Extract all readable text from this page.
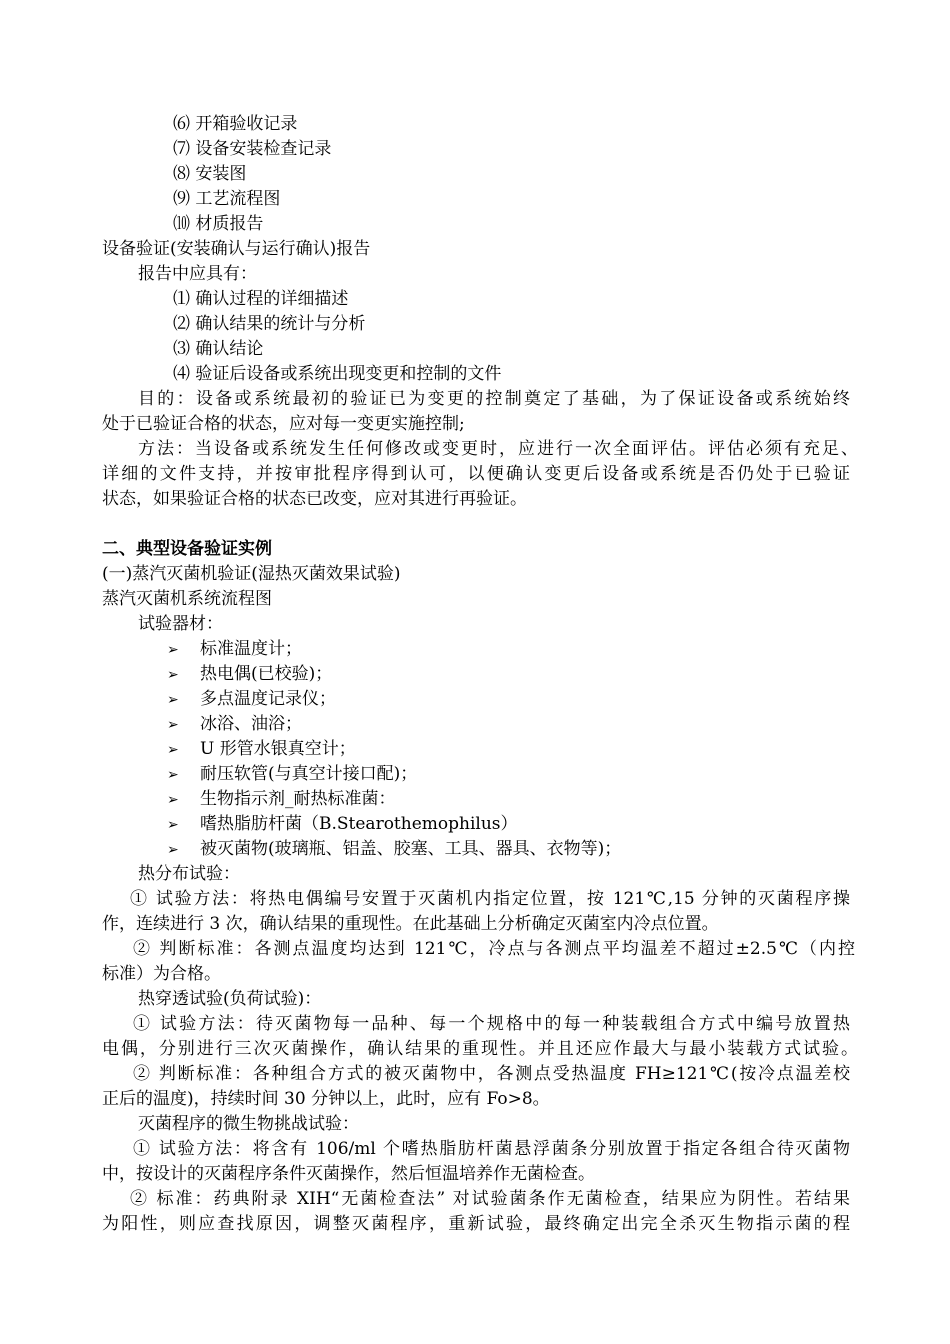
⑹ 开箱验收记录
⑺ 设备安装检查记录
⑻ 安装图
⑼ 工艺流程图
⑽ 材质报告
设备验证(安装确认与运行确认)报告
报告中应具有：
⑴ 确认过程的详细描述
⑵ 确认结果的统计与分析
⑶ 确认结论
⑷ 验证后设备或系统出现变更和控制的文件
目的：设备或系统最初的验证已为变更的控制奠定了基础，为了保证设备或系统始终
处于已验证合格的状态，应对每一变更实施控制;
方法：当设备或系统发生任何修改或变更时，应进行一次全面评估。评估必须有充足、
详细的文件支持，并按审批程序得到认可，以便确认变更后设备或系统是否仍处于已验证
状态，如果验证合格的状态已改变，应对其进行再验证。
二、典型设备验证实例
(一)蒸汽灭菌机验证(湿热灭菌效果试验)
蒸汽灭菌机系统流程图
试验器材：
➢ 标准温度计；
➢ 热电偶(已校验)；
➢ 多点温度记录仪；
➢ 冰浴、油浴；
➢ U 形管水银真空计；
➢ 耐压软管(与真空计接口配)；
➢ 生物指示剂_耐热标准菌：
➢ 嗜热脂肪杆菌（B.Stearothemophilus）
➢ 被灭菌物(玻璃瓶、铝盖、胶塞、工具、器具、衣物等)；
热分布试验：
① 试验方法：将热电偶编号安置于灭菌机内指定位置，按 121℃,15 分钟的灭菌程序操
作，连续进行 3 次，确认结果的重现性。在此基础上分析确定灭菌室内冷点位置。
② 判断标准：各测点温度均达到 121℃，冷点与各测点平均温差不超过±2.5℃（内控
标准）为合格。
热穿透试验(负荷试验)：
① 试验方法：待灭菌物每一品种、每一个规格中的每一种装载组合方式中编号放置热
电偶，分别进行三次灭菌操作，确认结果的重现性。并且还应作最大与最小装载方式试验。
② 判断标准：各种组合方式的被灭菌物中，各测点受热温度 FH≥121℃(按冷点温差校
正后的温度)，持续时间 30 分钟以上，此时，应有 Fo>8。
灭菌程序的微生物挑战试验：
① 试验方法：将含有 106/ml 个嗜热脂肪杆菌悬浮菌条分别放置于指定各组合待灭菌物
中，按设计的灭菌程序条件灭菌操作，然后恒温培养作无菌检查。
② 标准：药典附录 XIH“无菌检查法” 对试验菌条作无菌检查，结果应为阴性。若结果
为阳性，则应查找原因，调整灭菌程序，重新试验，最终确定出完全杀灭生物指示菌的程
